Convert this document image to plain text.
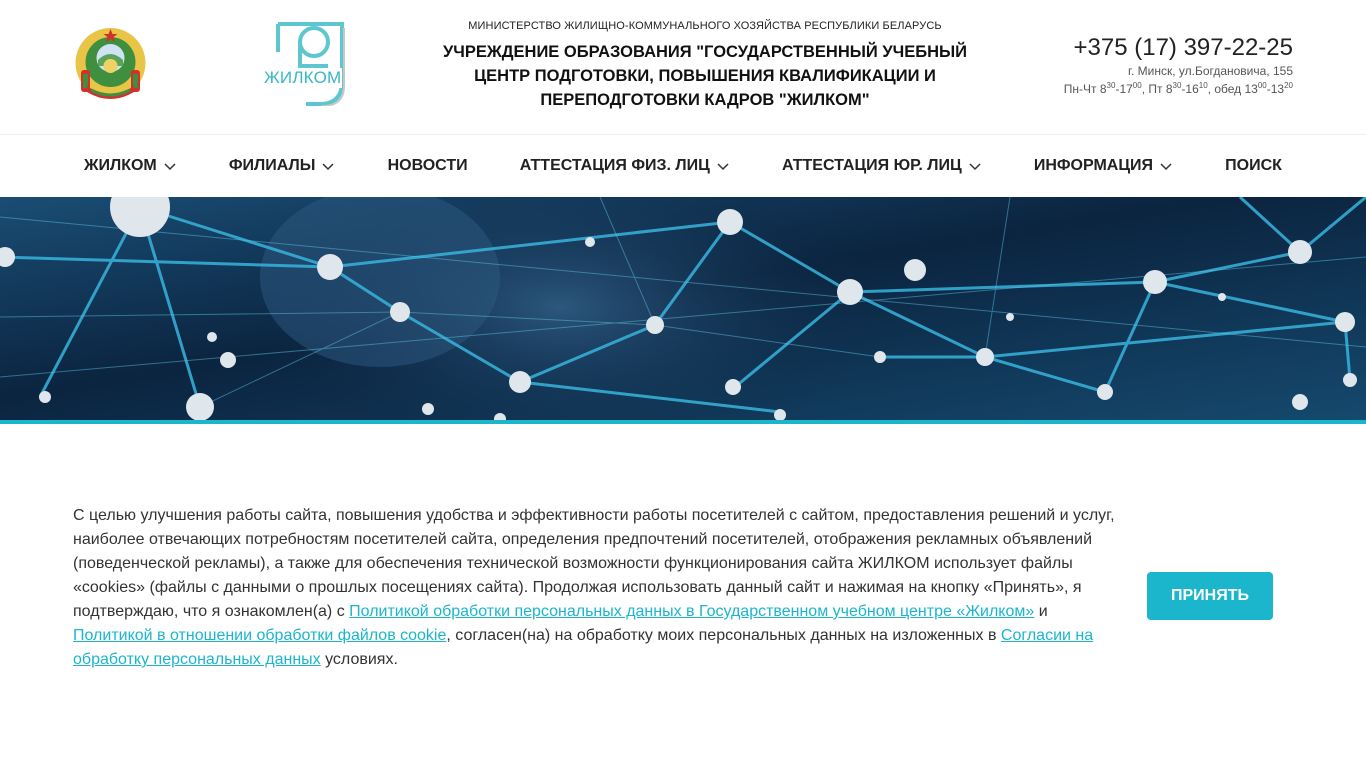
ЖИЛКОМ
МИНИСТЕРСТВО ЖИЛИЩНО-КОММУНАЛЬНОГО ХОЗЯЙСТВА РЕСПУБЛИКИ БЕЛАРУСЬ
УЧРЕЖДЕНИЕ ОБРАЗОВАНИЯ "ГОСУДАРСТВЕННЫЙ УЧЕБНЫЙ ЦЕНТР ПОДГОТОВКИ, ПОВЫШЕНИЯ КВАЛИФИКАЦИИ И ПЕРЕПОДГОТОВКИ КАДРОВ "ЖИЛКОМ"
+375 (17) 397-22-25
г. Минск, ул.Богдановича, 155
Пн-Чт $8^{30}-17^{00}$, Пт $8^{30}-16^{10}$, обед $13^{00}-13^{20}$
ЖИЛКОМ	ФИЛИАЛЫ	НОВОСТИ	АТТЕСТАЦИЯ ФИЗ. ЛИЦ	АТТЕСТАЦИЯ ЮР. ЛИЦ	ИНФОРМАЦИЯ	ПОИСК
С целью улучшения работы сайта, повышения удобства и эффективности работы посетителей с сайтом, предоставления решений и услуг, наиболее отвечающих потребностям посетителей сайта, определения предпочтений посетителей, отображения рекламных объявлений (поведенческой рекламы), а также для обеспечения технической возможности функционирования сайта ЖИЛКОМ использует файлы «cookies» (файлы с данными о прошлых посещениях сайта). Продолжая использовать данный сайт и нажимая на кнопку «Принять», я подтверждаю, что я ознакомлен(а) с Политикой обработки персональных данных в Государственном учебном центре «Жилком» и Политикой в отношении обработки файлов cookie, согласен(на) на обработку моих персональных данных на изложенных в Согласии на обработку персональных данных условиях.
ПРИНЯТЬ
